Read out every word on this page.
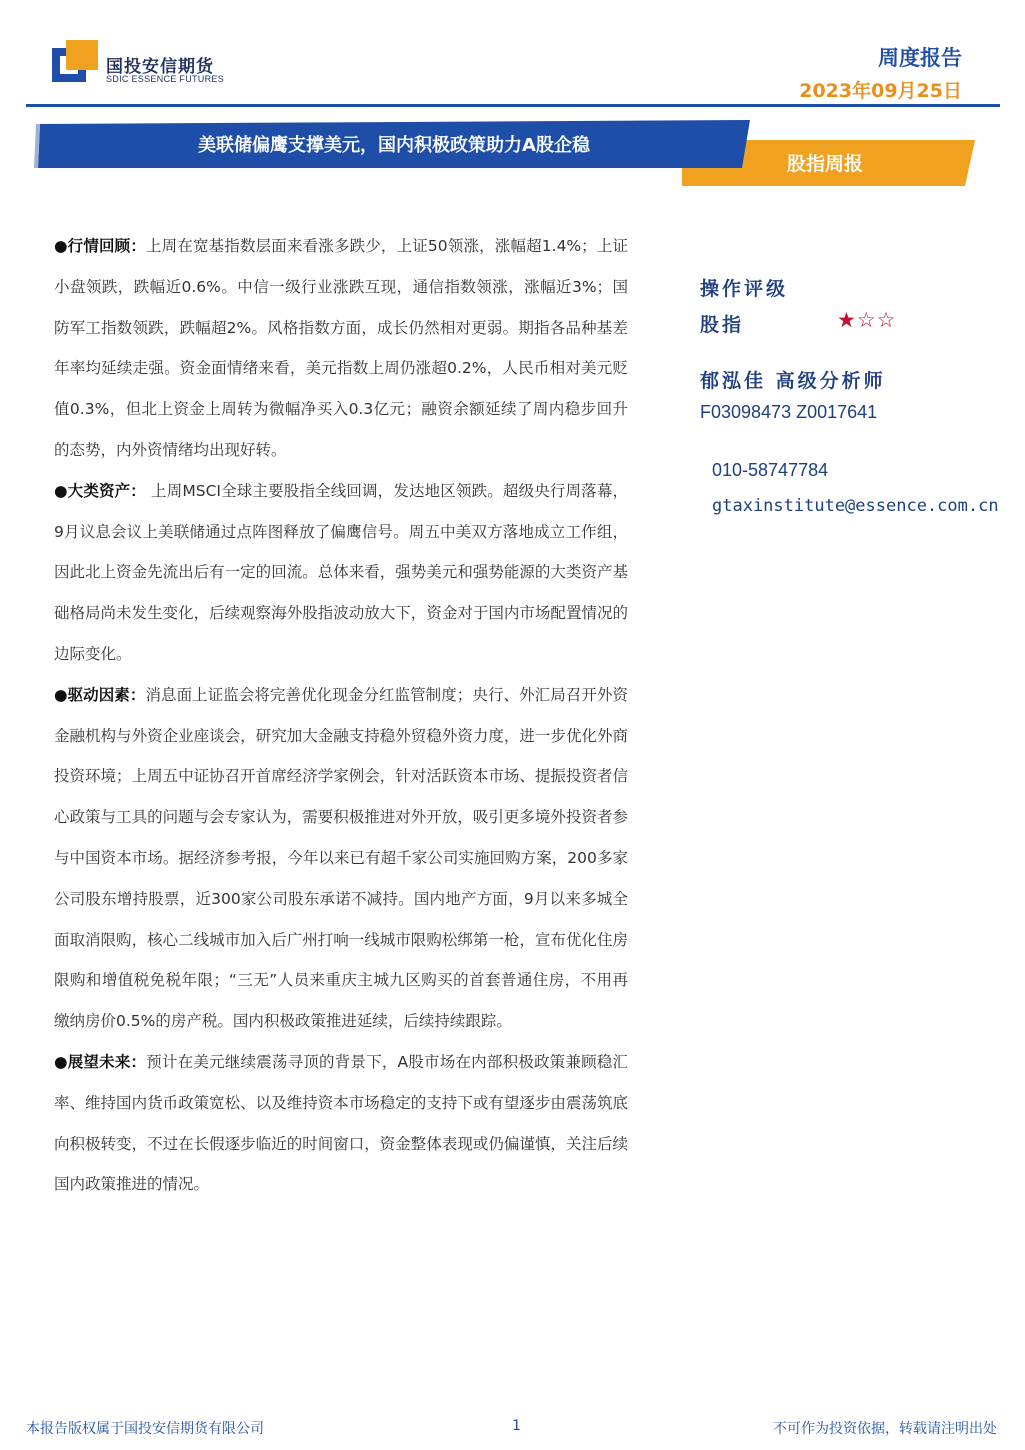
国投安信期货
SDIC ESSENCE FUTURES
周度报告
2023年09月25日
美联储偏鹰支撑美元，国内积极政策助力A股企稳
股指周报

●行情回顾：上周在宽基指数层面来看涨多跌少，上证50领涨，涨幅超1.4%；上证小盘领跌，跌幅近0.6%。中信一级行业涨跌互现，通信指数领涨，涨幅近3%；国防军工指数领跌，跌幅超2%。风格指数方面，成长仍然相对更弱。期指各品种基差年率均延续走强。资金面情绪来看，美元指数上周仍涨超0.2%，人民币相对美元贬值0.3%，但北上资金上周转为微幅净买入0.3亿元；融资余额延续了周内稳步回升的态势，内外资情绪均出现好转。

●大类资产： 上周MSCI全球主要股指全线回调，发达地区领跌。超级央行周落幕，9月议息会议上美联储通过点阵图释放了偏鹰信号。周五中美双方落地成立工作组，因此北上资金先流出后有一定的回流。总体来看，强势美元和强势能源的大类资产基础格局尚未发生变化，后续观察海外股指波动放大下，资金对于国内市场配置情况的边际变化。

●驱动因素：消息面上证监会将完善优化现金分红监管制度；央行、外汇局召开外资金融机构与外资企业座谈会，研究加大金融支持稳外贸稳外资力度，进一步优化外商投资环境；上周五中证协召开首席经济学家例会，针对活跃资本市场、提振投资者信心政策与工具的问题与会专家认为，需要积极推进对外开放，吸引更多境外投资者参与中国资本市场。据经济参考报，今年以来已有超千家公司实施回购方案，200多家公司股东增持股票，近300家公司股东承诺不减持。国内地产方面，9月以来多城全面取消限购，核心二线城市加入后广州打响一线城市限购松绑第一枪，宣布优化住房限购和增值税免税年限；“三无”人员来重庆主城九区购买的首套普通住房，不用再缴纳房价0.5%的房产税。国内积极政策推进延续，后续持续跟踪。

●展望未来：预计在美元继续震荡寻顶的背景下，A股市场在内部积极政策兼顾稳汇率、维持国内货币政策宽松、以及维持资本市场稳定的支持下或有望逐步由震荡筑底向积极转变，不过在长假逐步临近的时间窗口，资金整体表现或仍偏谨慎，关注后续国内政策推进的情况。

操作评级
股指	★☆☆
郁泓佳 高级分析师
F03098473 Z0017641
010-58747784
gtaxinstitute@essence.com.cn
本报告版权属于国投安信期货有限公司	1	不可作为投资依据，转载请注明出处
